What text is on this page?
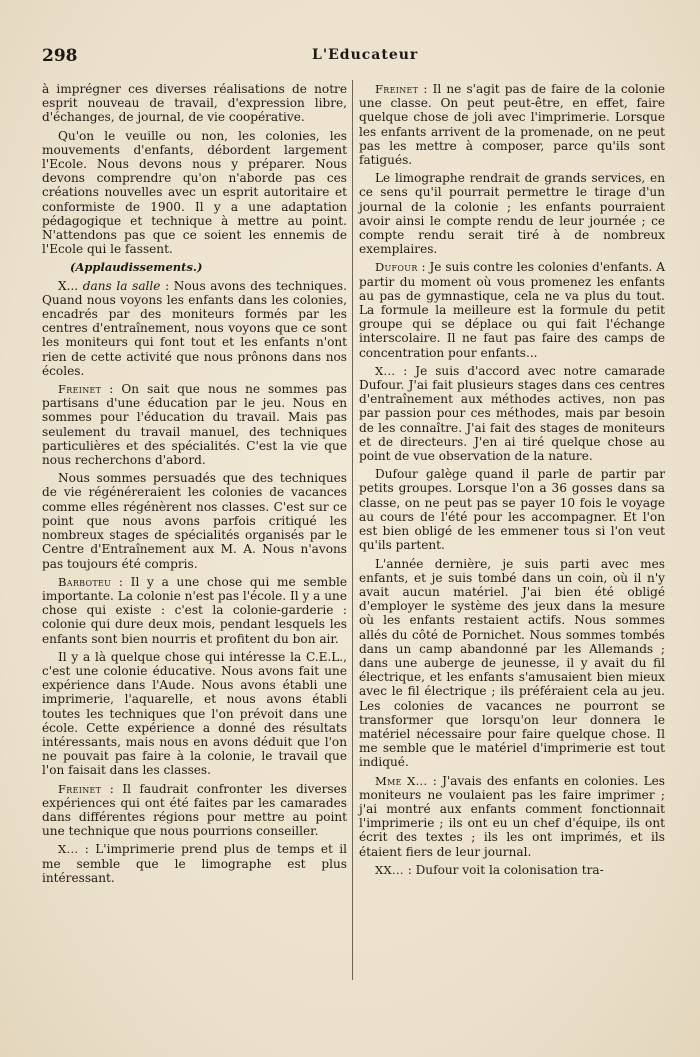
298	L'Educateur

à imprégner ces diverses réalisations de notre esprit nouveau de travail, d'expression libre, d'échanges, de journal, de vie coopérative.

Qu'on le veuille ou non, les colonies, les mouvements d'enfants, débordent largement l'Ecole. Nous devons nous y préparer. Nous devons comprendre qu'on n'aborde pas ces créations nouvelles avec un esprit autoritaire et conformiste de 1900. Il y a une adaptation pédagogique et technique à mettre au point. N'attendons pas que ce soient les ennemis de l'Ecole qui le fassent.

(Applaudissements.)

X... dans la salle : Nous avons des techniques. Quand nous voyons les enfants dans les colonies, encadrés par des moniteurs formés par les centres d'entraînement, nous voyons que ce sont les moniteurs qui font tout et les enfants n'ont rien de cette activité que nous prônons dans nos écoles.

Freinet : On sait que nous ne sommes pas partisans d'une éducation par le jeu. Nous en sommes pour l'éducation du travail. Mais pas seulement du travail manuel, des techniques particulières et des spécialités. C'est la vie que nous recherchons d'abord.

Nous sommes persuadés que des techniques de vie régénéreraient les colonies de vacances comme elles régénèrent nos classes. C'est sur ce point que nous avons parfois critiqué les nombreux stages de spécialités organisés par le Centre d'Entraînement aux M. A. Nous n'avons pas toujours été compris.

Barboteu : Il y a une chose qui me semble importante. La colonie n'est pas l'école. Il y a une chose qui existe : c'est la colonie-garderie : colonie qui dure deux mois, pendant lesquels les enfants sont bien nourris et profitent du bon air.

Il y a là quelque chose qui intéresse la C.E.L., c'est une colonie éducative. Nous avons fait une expérience dans l'Aude. Nous avons établi une imprimerie, l'aquarelle, et nous avons établi toutes les techniques que l'on prévoit dans une école. Cette expérience a donné des résultats intéressants, mais nous en avons déduit que l'on ne pouvait pas faire à la colonie, le travail que l'on faisait dans les classes.

Freinet : Il faudrait confronter les diverses expériences qui ont été faites par les camarades dans différentes régions pour mettre au point une technique que nous pourrions conseiller.

X... : L'imprimerie prend plus de temps et il me semble que le limographe est plus intéressant.

Freinet : Il ne s'agit pas de faire de la colonie une classe. On peut peut-être, en effet, faire quelque chose de joli avec l'imprimerie. Lorsque les enfants arrivent de la promenade, on ne peut pas les mettre à composer, parce qu'ils sont fatigués.

Le limographe rendrait de grands services, en ce sens qu'il pourrait permettre le tirage d'un journal de la colonie ; les enfants pourraient avoir ainsi le compte rendu de leur journée ; ce compte rendu serait tiré à de nombreux exemplaires.

Dufour : Je suis contre les colonies d'enfants. A partir du moment où vous promenez les enfants au pas de gymnastique, cela ne va plus du tout. La formule la meilleure est la formule du petit groupe qui se déplace ou qui fait l'échange interscolaire. Il ne faut pas faire des camps de concentration pour enfants...

X... : Je suis d'accord avec notre camarade Dufour. J'ai fait plusieurs stages dans ces centres d'entraînement aux méthodes actives, non pas par passion pour ces méthodes, mais par besoin de les connaître. J'ai fait des stages de moniteurs et de directeurs. J'en ai tiré quelque chose au point de vue observation de la nature.

Dufour galège quand il parle de partir par petits groupes. Lorsque l'on a 36 gosses dans sa classe, on ne peut pas se payer 10 fois le voyage au cours de l'été pour les accompagner. Et l'on est bien obligé de les emmener tous si l'on veut qu'ils partent.

L'année dernière, je suis parti avec mes enfants, et je suis tombé dans un coin, où il n'y avait aucun matériel. J'ai bien été obligé d'employer le système des jeux dans la mesure où les enfants restaient actifs. Nous sommes allés du côté de Pornichet. Nous sommes tombés dans un camp abandonné par les Allemands ; dans une auberge de jeunesse, il y avait du fil électrique, et les enfants s'amusaient bien mieux avec le fil électrique ; ils préféraient cela au jeu. Les colonies de vacances ne pourront se transformer que lorsqu'on leur donnera le matériel nécessaire pour faire quelque chose. Il me semble que le matériel d'imprimerie est tout indiqué.

Mme X... : J'avais des enfants en colonies. Les moniteurs ne voulaient pas les faire imprimer ; j'ai montré aux enfants comment fonctionnait l'imprimerie ; ils ont eu un chef d'équipe, ils ont écrit des textes ; ils les ont imprimés, et ils étaient fiers de leur journal.

XX... : Dufour voit la colonisation tra-
